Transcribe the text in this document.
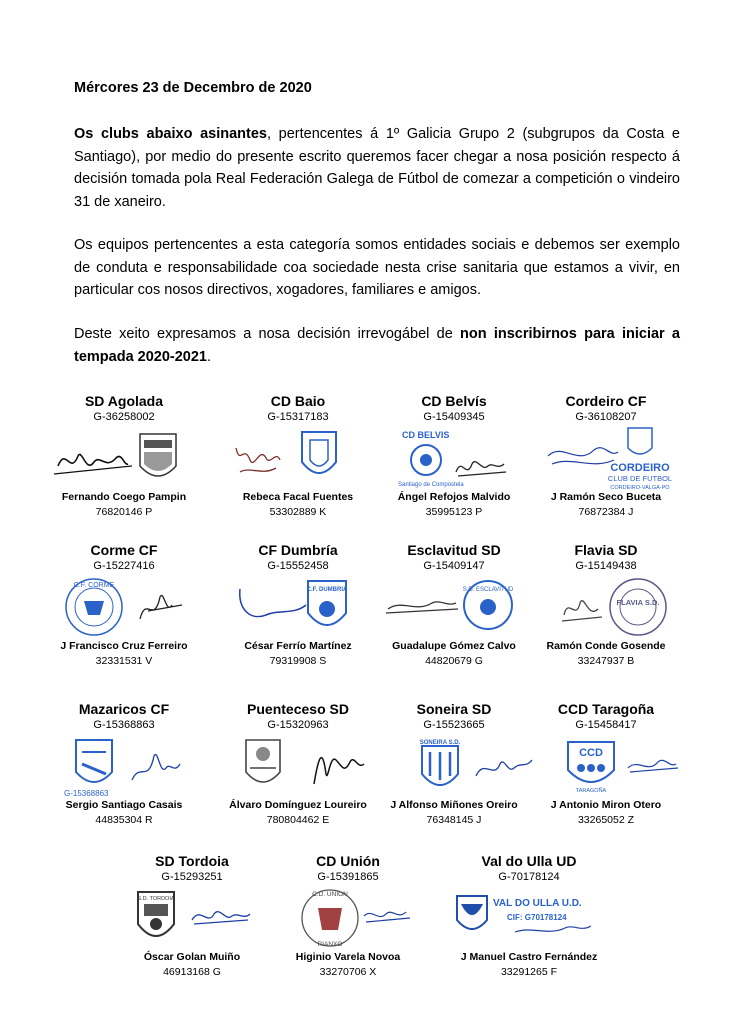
Mércores 23 de Decembro de 2020
Os clubs abaixo asinantes, pertencentes á 1º Galicia Grupo 2 (subgrupos da Costa e Santiago), por medio do presente escrito queremos facer chegar a nosa posición respecto á decisión tomada pola Real Federación Galega de Fútbol de comezar a competición o vindeiro 31 de xaneiro.
Os equipos pertencentes a esta categoría somos entidades sociais e debemos ser exemplo de conduta e responsabilidade coa sociedade nesta crise sanitaria que estamos a vivir, en particular cos nosos directivos, xogadores, familiares e amigos.
Deste xeito expresamos a nosa decisión irrevogábel de non inscribirnos para iniciar a tempada 2020-2021.
SD Agolada
G-36258002
Fernando Coego Pampin
76820146 P
CD Baio
G-15317183
Rebeca Facal Fuentes
53302889 K
CD Belvís
G-15409345
CD BELVIS
Santiago de Compostela
Ángel Refojos Malvido
35995123 P
Cordeiro CF
G-36108207
CORDEIRO
CLUB DE FUTBOL
CORDEIRO-VALGA-PO
J Ramón Seco Buceta
76872384 J
Corme CF
G-15227416
C.F. CORME
J Francisco Cruz Ferreiro
32331531 V
CF Dumbría
G-15552458
C.F. DUMBRIA
César Ferrío Martínez
79319908 S
Esclavitud SD
G-15409147
S.D. ESCLAVITUD
Guadalupe Gómez Calvo
44820679 G
Flavia SD
G-15149438
FLAVIA S.D.
Ramón Conde Gosende
33247937 B
Mazaricos CF
G-15368863
G-15368863
Sergio Santiago Casais
44835304 R
Puenteceso SD
G-15320963
Álvaro Domínguez Loureiro
780804462 E
Soneira SD
G-15523665
SONEIRA S.D.
J Alfonso Miñones Oreiro
76348145 J
CCD Taragoña
G-15458417
CCD
TARAGOÑA
J Antonio Miron Otero
33265052 Z
SD Tordoia
G-15293251
S.D. TORDOIA
Óscar Golan Muiño
46913168 G
CD Unión
G-15391865
C.D. UNION
RIANXO
Higinio Varela Novoa
33270706 X
Val do Ulla UD
G-70178124
VAL DO ULLA U.D.
CIF: G70178124
J Manuel Castro Fernández
33291265 F
